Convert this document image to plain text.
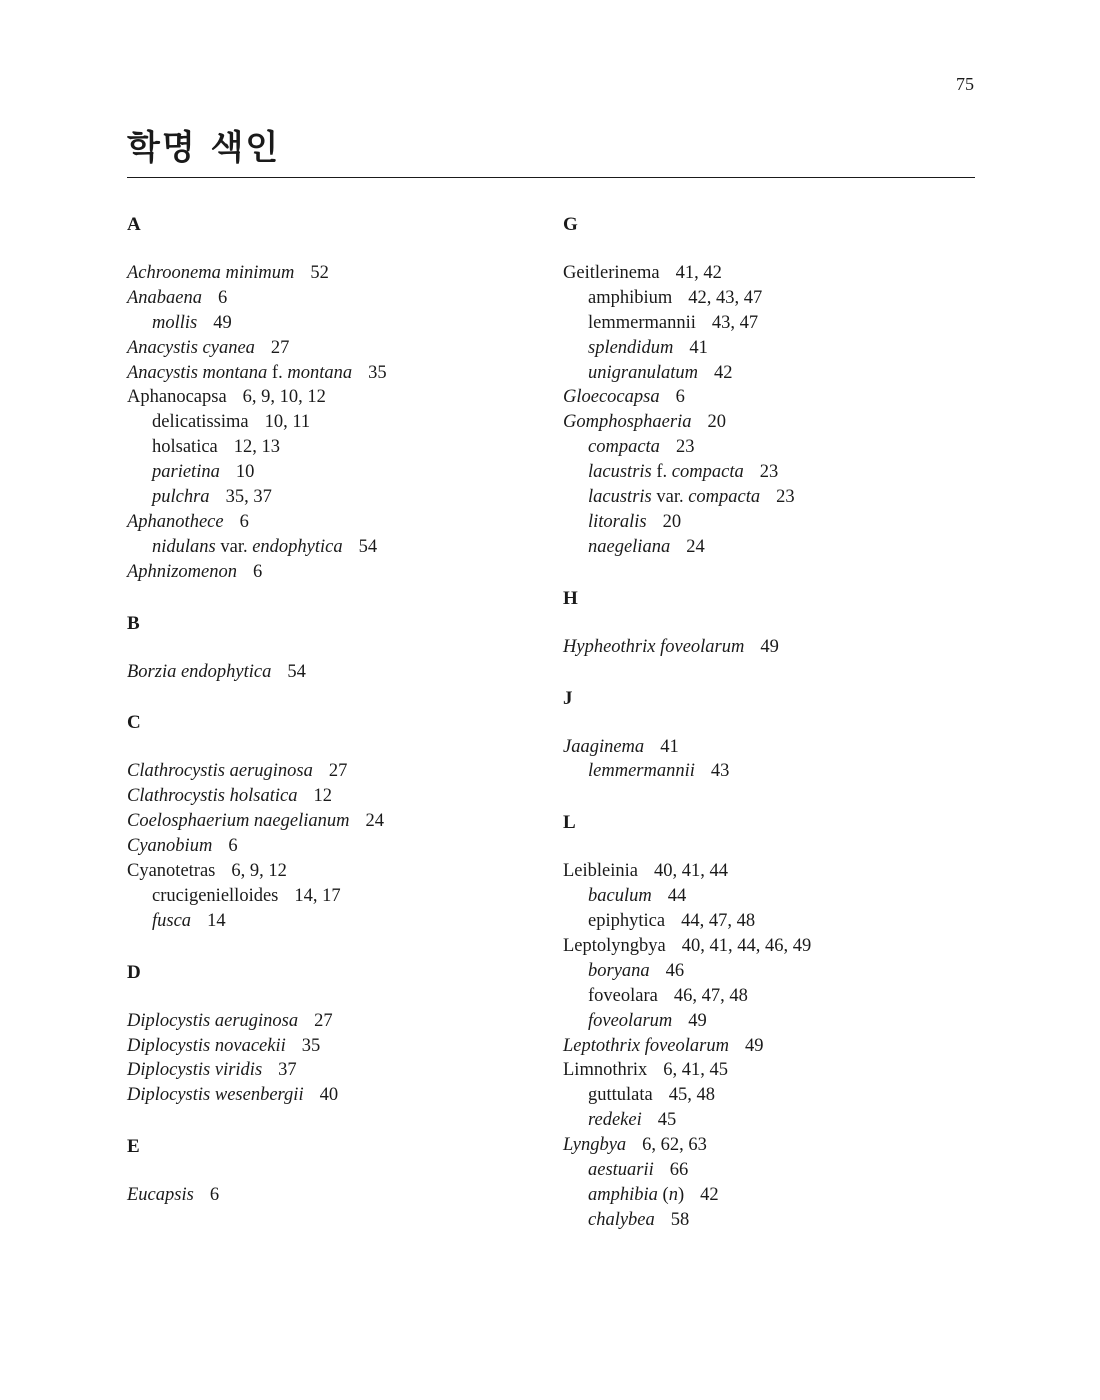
75
학명 색인
A
Achroonema minimum 52
Anabaena 6
mollis 49
Anacystis cyanea 27
Anacystis montana f. montana 35
Aphanocapsa 6, 9, 10, 12
delicatissima 10, 11
holsatica 12, 13
parietina 10
pulchra 35, 37
Aphanothece 6
nidulans var. endophytica 54
Aphnizomenon 6
B
Borzia endophytica 54
C
Clathrocystis aeruginosa 27
Clathrocystis holsatica 12
Coelosphaerium naegelianum 24
Cyanobium 6
Cyanotetras 6, 9, 12
crucigenielloides 14, 17
fusca 14
D
Diplocystis aeruginosa 27
Diplocystis novacekii 35
Diplocystis viridis 37
Diplocystis wesenbergii 40
E
Eucapsis 6
G
Geitlerinema 41, 42
amphibium 42, 43, 47
lemmermannii 43, 47
splendidum 41
unigranulatum 42
Gloecocapsa 6
Gomphosphaeria 20
compacta 23
lacustris f. compacta 23
lacustris var. compacta 23
litoralis 20
naegeliana 24
H
Hypheothrix foveolarum 49
J
Jaaginema 41
lemmermannii 43
L
Leibleinia 40, 41, 44
baculum 44
epiphytica 44, 47, 48
Leptolyngbya 40, 41, 44, 46, 49
boryana 46
foveolara 46, 47, 48
foveolarum 49
Leptothrix foveolarum 49
Limnothrix 6, 41, 45
guttulata 45, 48
redekei 45
Lyngbya 6, 62, 63
aestuarii 66
amphibia (n) 42
chalybea 58
